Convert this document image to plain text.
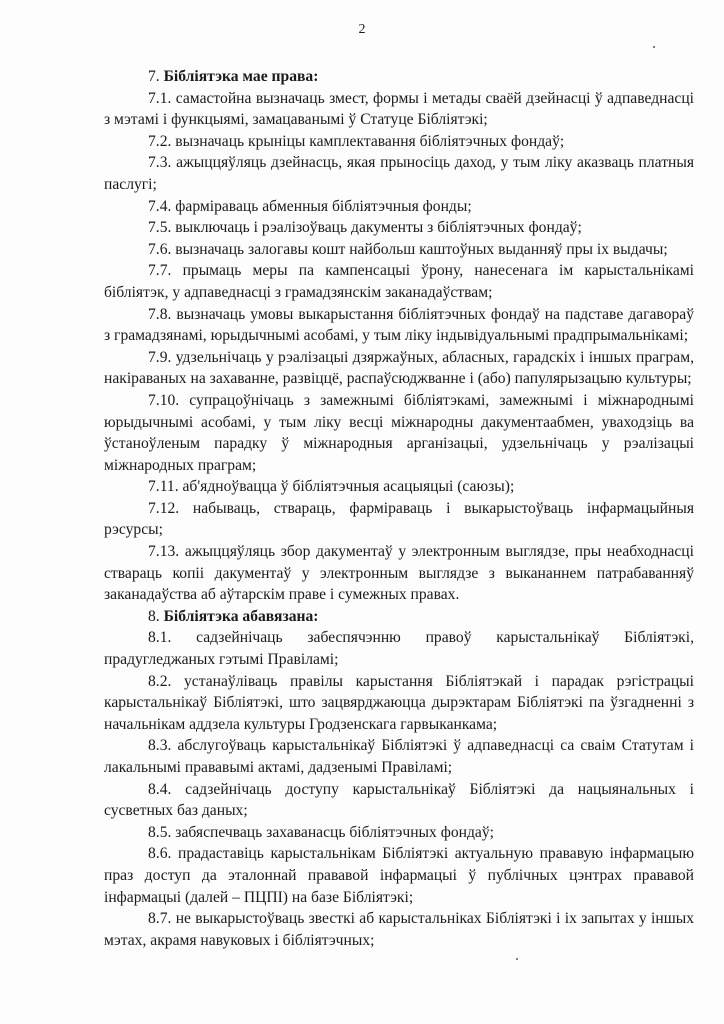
2

7. Бібліятэка мае права:

7.1. самастойна вызначаць змест, формы і метады сваёй дзейнасці ў адпаведнасці з мэтамі і функцыямі, замацаванымі ў Статуце Бібліятэкі;

7.2. вызначаць крыніцы камплектавання бібліятэчных фондаў;

7.3. ажыццяўляць дзейнасць, якая прыносіць даход, у тым ліку аказваць платныя паслугі;

7.4. фарміраваць абменныя бібліятэчныя фонды;

7.5. выключаць і рэалізоўваць дакументы з бібліятэчных фондаў;

7.6. вызначаць залогавы кошт найбольш каштоўных выданняў пры іх выдачы;

7.7. прымаць меры па кампенсацыі ўрону, нанесенага ім карыстальнікамі бібліятэк, у адпаведнасці з грамадзянскім заканадаўствам;

7.8. вызначаць умовы выкарыстання бібліятэчных фондаў на падставе дагавораў з грамадзянамі, юрыдычнымі асобамі, у тым ліку індывідуальнымі прадпрымальнікамі;

7.9. удзельнічаць у рэалізацыі дзяржаўных, абласных, гарадскіх і іншых праграм, накіраваных на захаванне, развіццё, распаўсюджванне і (або) папулярызацыю культуры;

7.10. супрацоўнічаць з замежнымі бібліятэкамі, замежнымі і міжнароднымі юрыдычнымі асобамі, у тым ліку весці міжнародны дакументаабмен, уваходзіць ва ўстаноўленым парадку ў міжнародныя арганізацыі, удзельнічаць у рэалізацыі міжнародных праграм;

7.11. аб'ядноўвацца ў бібліятэчныя асацыяцыі (саюзы);

7.12. набываць, ствараць, фарміраваць і выкарыстоўваць інфармацыйныя рэсурсы;

7.13. ажыццяўляць збор дакументаў у электронным выглядзе, пры неабходнасці ствараць копіі дакументаў у электронным выглядзе з выкананнем патрабаванняў заканадаўства аб аўтарскім праве і сумежных правах.

8. Бібліятэка абавязана:

8.1. садзейнічаць забеспячэнню правоў карыстальнікаў Бібліятэкі, прадугледжаных гэтымі Правіламі;

8.2. устанаўліваць правілы карыстання Бібліятэкай і парадак рэгістрацыі карыстальнікаў Бібліятэкі, што зацвярджаюцца дырэктарам Бібліятэкі па ўзгадненні з начальнікам аддзела культуры Гродзенскага гарвыканкама;

8.3. абслугоўваць карыстальнікаў Бібліятэкі ў адпаведнасці са сваім Статутам і лакальнымі прававымі актамі, дадзенымі Правіламі;

8.4. садзейнічаць доступу карыстальнікаў Бібліятэкі да нацыянальных і сусветных баз даных;

8.5. забяспечваць захаванасць бібліятэчных фондаў;

8.6. прадаставіць карыстальнікам Бібліятэкі актуальную прававую інфармацыю праз доступ да эталоннай прававой інфармацыі ў публічных цэнтрах прававой інфармацыі (далей – ПЦПІ) на базе Бібліятэкі;

8.7. не выкарыстоўваць звесткі аб карыстальніках Бібліятэкі і іх запытах у іншых мэтах, акрамя навуковых і бібліятэчных;
